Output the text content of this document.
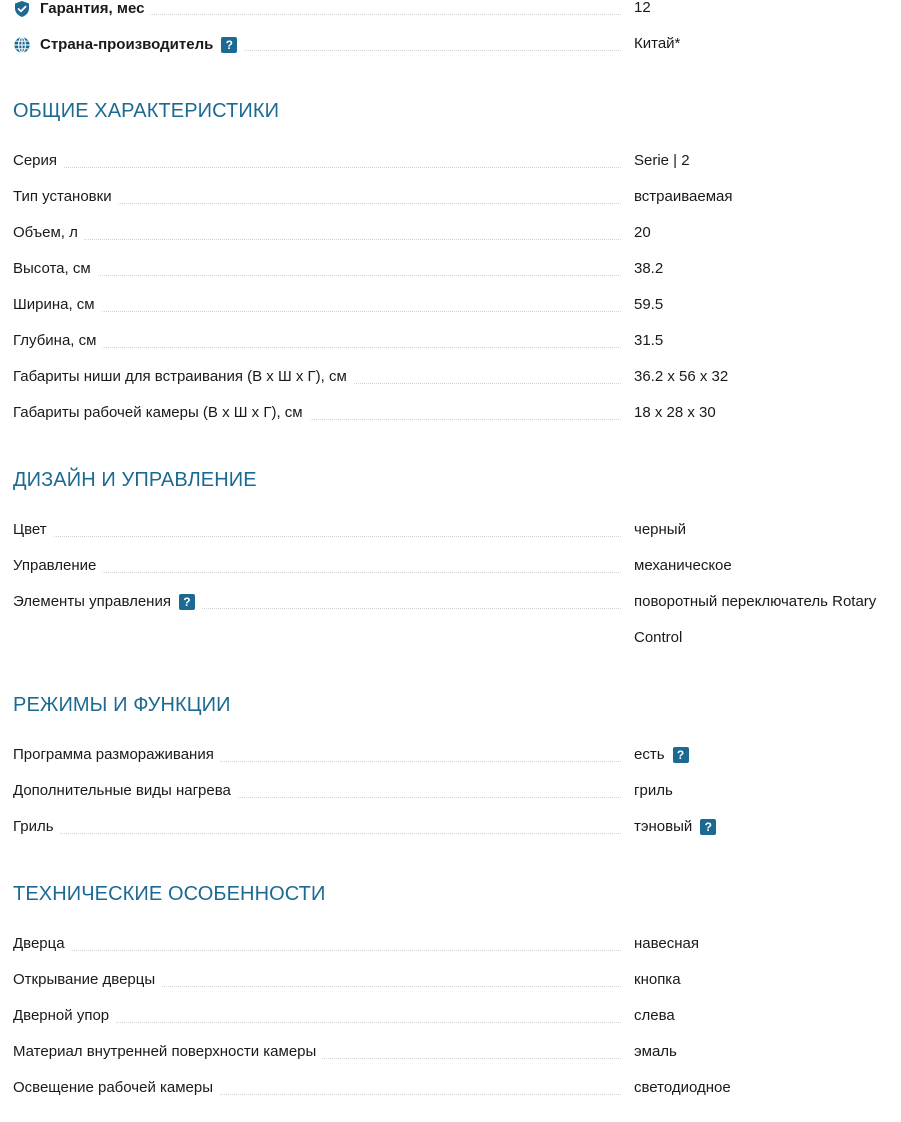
Гарантия, мес	12
Страна-производитель	?	Китай*
ОБЩИЕ ХАРАКТЕРИСТИКИ
Серия	Serie | 2
Тип установки	встраиваемая
Объем, л	20
Высота, см	38.2
Ширина, см	59.5
Глубина, см	31.5
Габариты ниши для встраивания (В x Ш x Г), см	36.2 x 56 x 32
Габариты рабочей камеры (В x Ш x Г), см	18 x 28 x 30
ДИЗАЙН И УПРАВЛЕНИЕ
Цвет	черный
Управление	механическое
Элементы управления	?	поворотный переключатель Rotary
Control
РЕЖИМЫ И ФУНКЦИИ
Программа размораживания	есть	?
Дополнительные виды нагрева	гриль
Гриль	тэновый	?
ТЕХНИЧЕСКИЕ ОСОБЕННОСТИ
Дверца	навесная
Открывание дверцы	кнопка
Дверной упор	слева
Материал внутренней поверхности камеры	эмаль
Освещение рабочей камеры	светодиодное
